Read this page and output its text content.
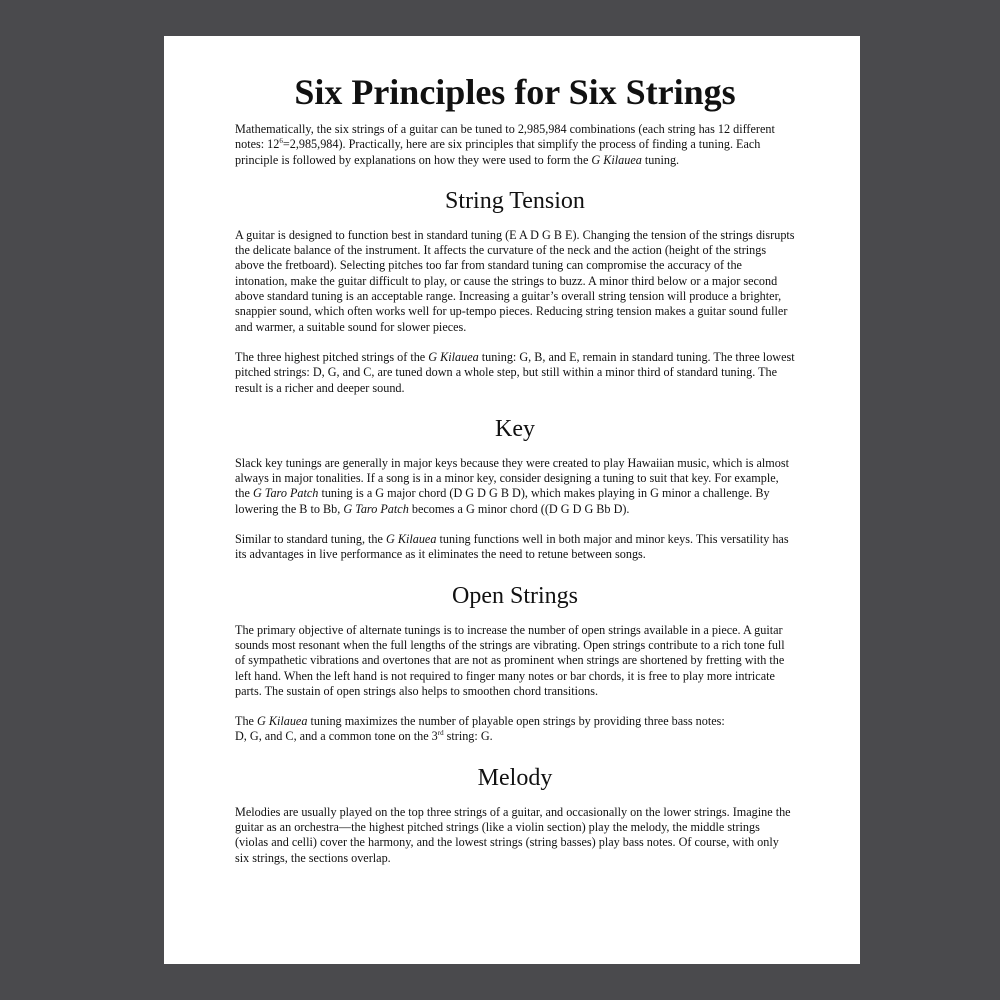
Six Principles for Six Strings

Mathematically, the six strings of a guitar can be tuned to 2,985,984 combinations (each string has 12 different notes: $12^6=2,985,984$). Practically, here are six principles that simplify the process of finding a tuning. Each principle is followed by explanations on how they were used to form the G Kilauea tuning.

String Tension

A guitar is designed to function best in standard tuning (E A D G B E). Changing the tension of the strings disrupts the delicate balance of the instrument. It affects the curvature of the neck and the action (height of the strings above the fretboard). Selecting pitches too far from standard tuning can compromise the accuracy of the intonation, make the guitar difficult to play, or cause the strings to buzz. A minor third below or a major second above standard tuning is an acceptable range. Increasing a guitar’s overall string tension will produce a brighter, snappier sound, which often works well for up-tempo pieces. Reducing string tension makes a guitar sound fuller and warmer, a suitable sound for slower pieces.

The three highest pitched strings of the G Kilauea tuning: G, B, and E, remain in standard tuning. The three lowest pitched strings: D, G, and C, are tuned down a whole step, but still within a minor third of standard tuning. The result is a richer and deeper sound.

Key

Slack key tunings are generally in major keys because they were created to play Hawaiian music, which is almost always in major tonalities. If a song is in a minor key, consider designing a tuning to suit that key. For example, the G Taro Patch tuning is a G major chord (D G D G B D), which makes playing in G minor a challenge. By lowering the B to Bb, G Taro Patch becomes a G minor chord ((D G D G Bb D).

Similar to standard tuning, the G Kilauea tuning functions well in both major and minor keys. This versatility has its advantages in live performance as it eliminates the need to retune between songs.

Open Strings

The primary objective of alternate tunings is to increase the number of open strings available in a piece. A guitar sounds most resonant when the full lengths of the strings are vibrating. Open strings contribute to a rich tone full of sympathetic vibrations and overtones that are not as prominent when strings are shortened by fretting with the left hand. When the left hand is not required to finger many notes or bar chords, it is free to play more intricate parts. The sustain of open strings also helps to smoothen chord transitions.

The G Kilauea tuning maximizes the number of playable open strings by providing three bass notes:
D, G, and C, and a common tone on the 3rd string: G.

Melody

Melodies are usually played on the top three strings of a guitar, and occasionally on the lower strings. Imagine the guitar as an orchestra—the highest pitched strings (like a violin section) play the melody, the middle strings (violas and celli) cover the harmony, and the lowest strings (string basses) play bass notes. Of course, with only six strings, the sections overlap.
